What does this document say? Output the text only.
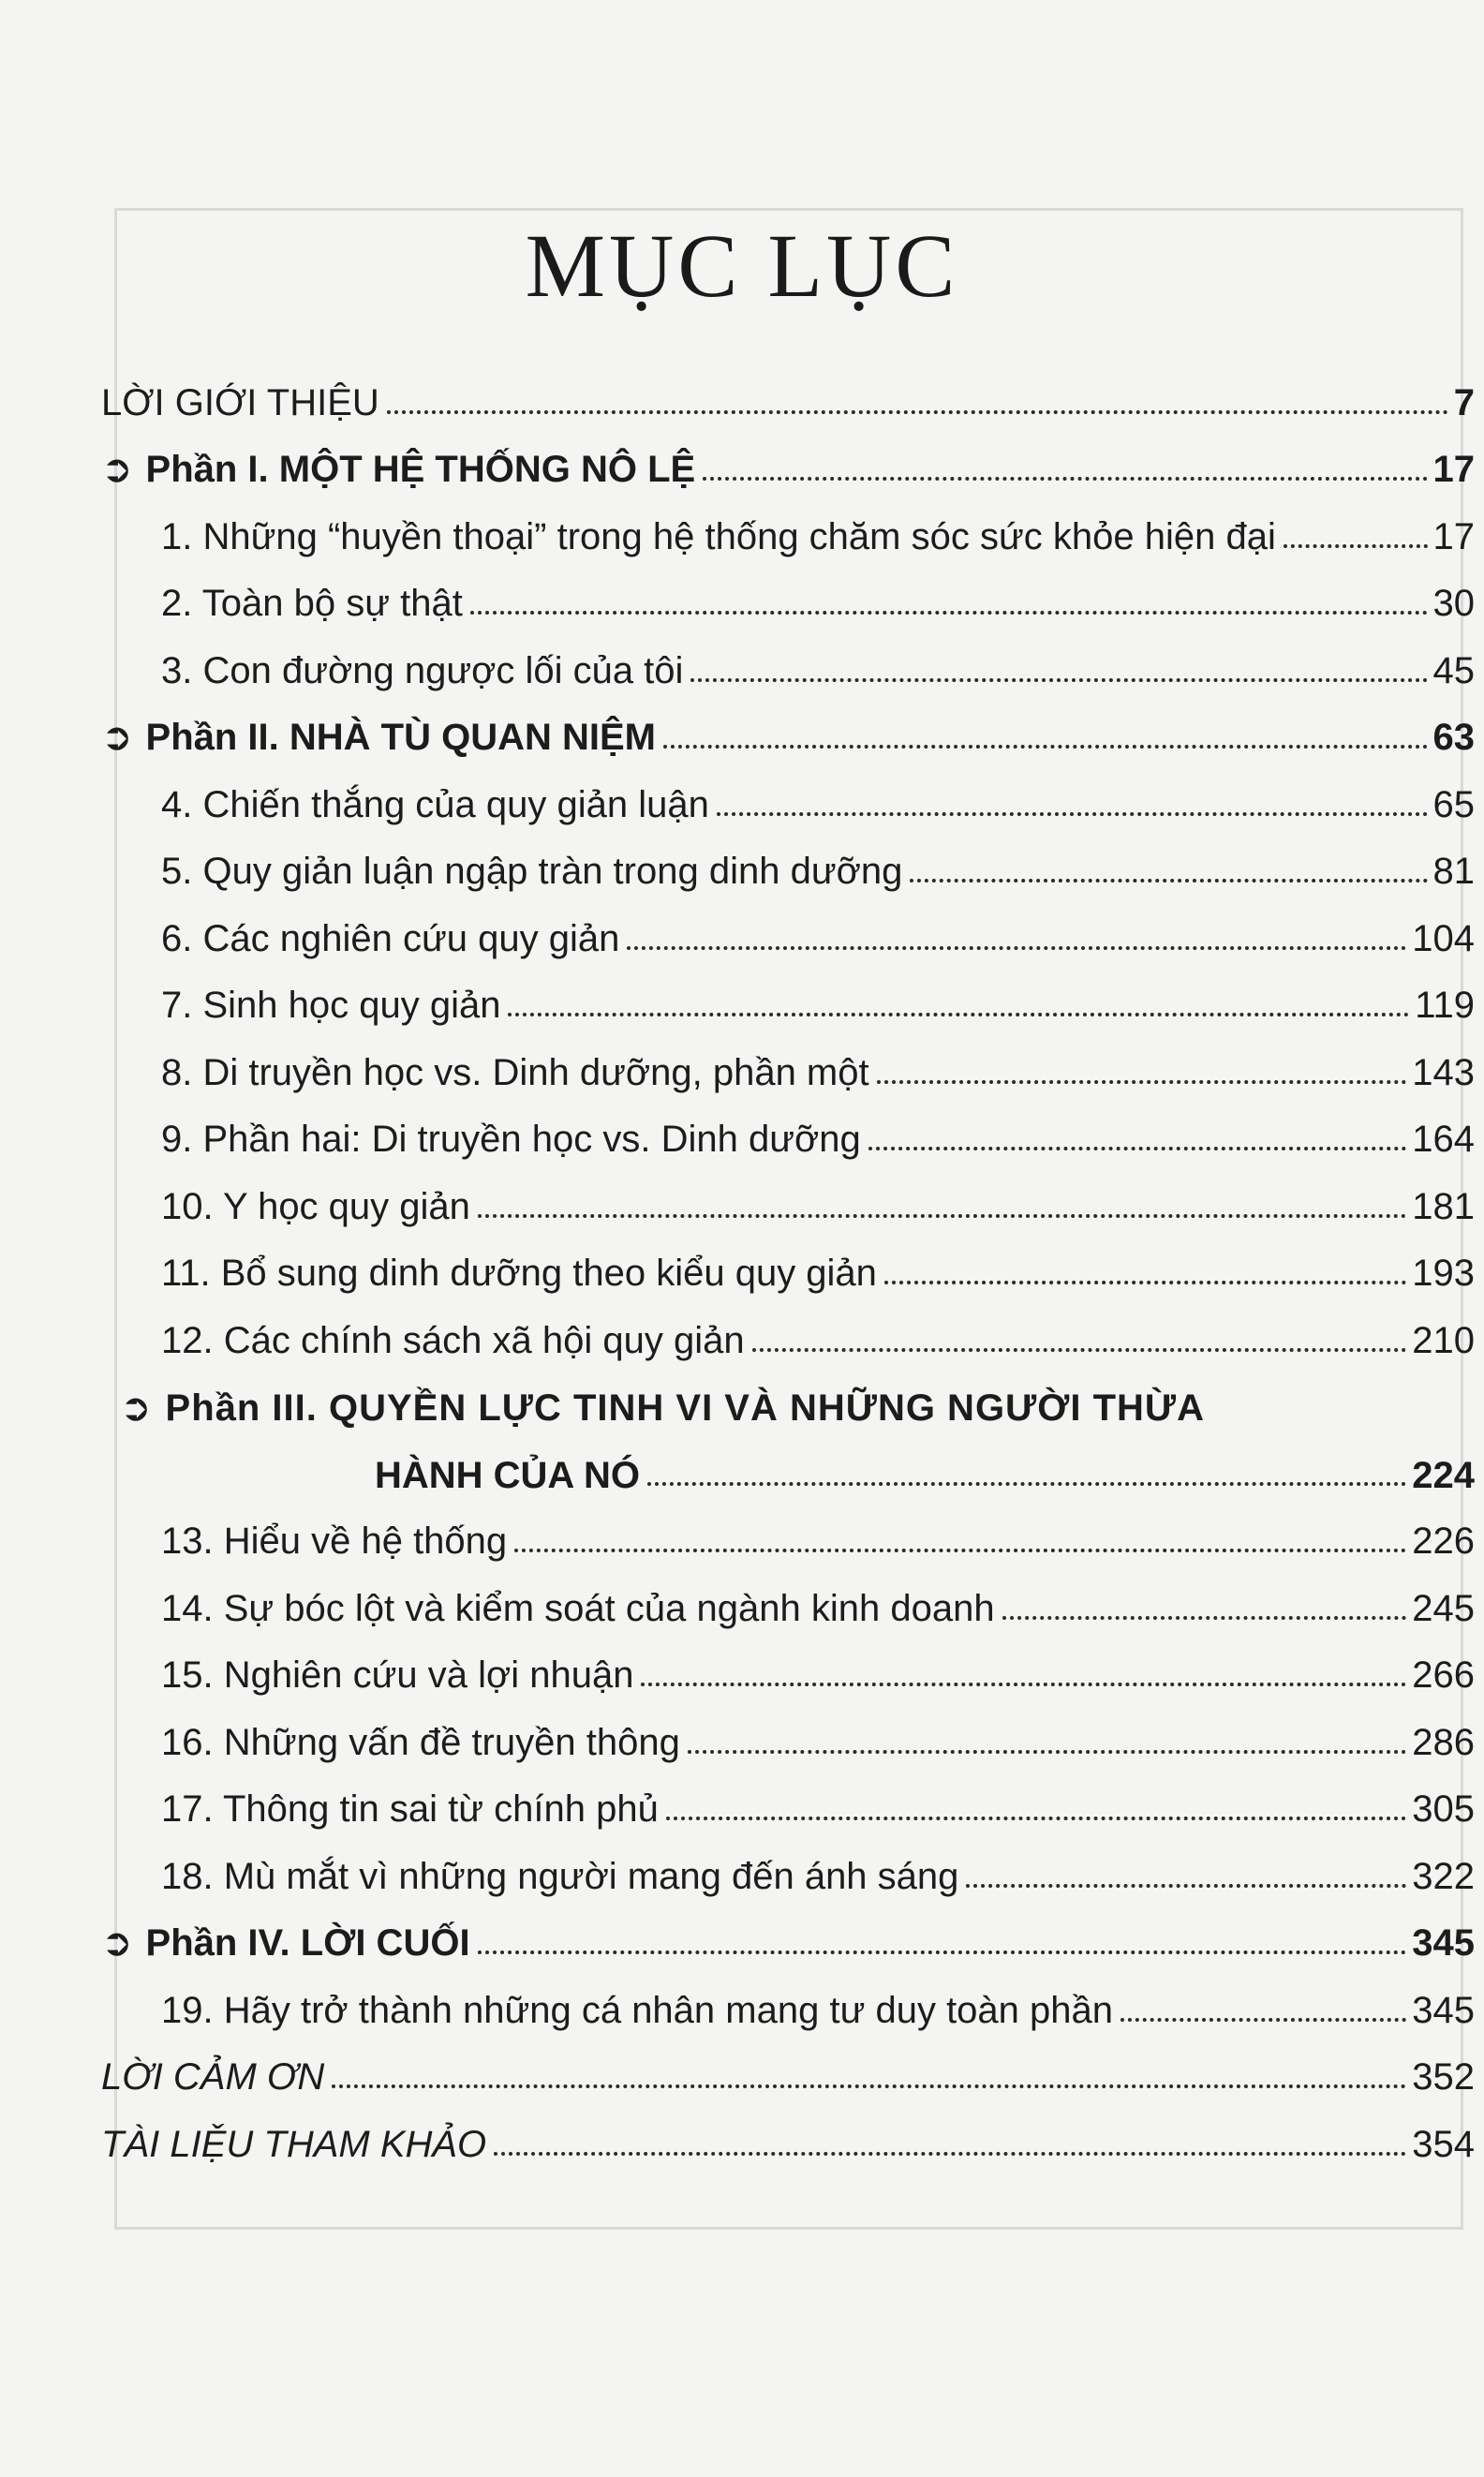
MỤC LỤC
LỜI GIỚI THIỆU	7
➲ Phần I. MỘT HỆ THỐNG NÔ LỆ	17
1. Những “huyền thoại” trong hệ thống chăm sóc sức khỏe hiện đại	17
2. Toàn bộ sự thật	30
3. Con đường ngược lối của tôi	45
➲ Phần II. NHÀ TÙ QUAN NIỆM	63
4. Chiến thắng của quy giản luận	65
5. Quy giản luận ngập tràn trong dinh dưỡng	81
6. Các nghiên cứu quy giản	104
7. Sinh học quy giản	119
8. Di truyền học vs. Dinh dưỡng, phần một	143
9. Phần hai: Di truyền học vs. Dinh dưỡng	164
10. Y học quy giản	181
11. Bổ sung dinh dưỡng theo kiểu quy giản	193
12. Các chính sách xã hội quy giản	210
➲ Phần III. QUYỀN LỰC TINH VI VÀ NHỮNG NGƯỜI THỪA
HÀNH CỦA NÓ	224
13. Hiểu về hệ thống	226
14. Sự bóc lột và kiểm soát của ngành kinh doanh	245
15. Nghiên cứu và lợi nhuận	266
16. Những vấn đề truyền thông	286
17. Thông tin sai từ chính phủ	305
18. Mù mắt vì những người mang đến ánh sáng	322
➲ Phần IV. LỜI CUỐI	345
19. Hãy trở thành những cá nhân mang tư duy toàn phần	345
LỜI CẢM ƠN	352
TÀI LIỆU THAM KHẢO	354
